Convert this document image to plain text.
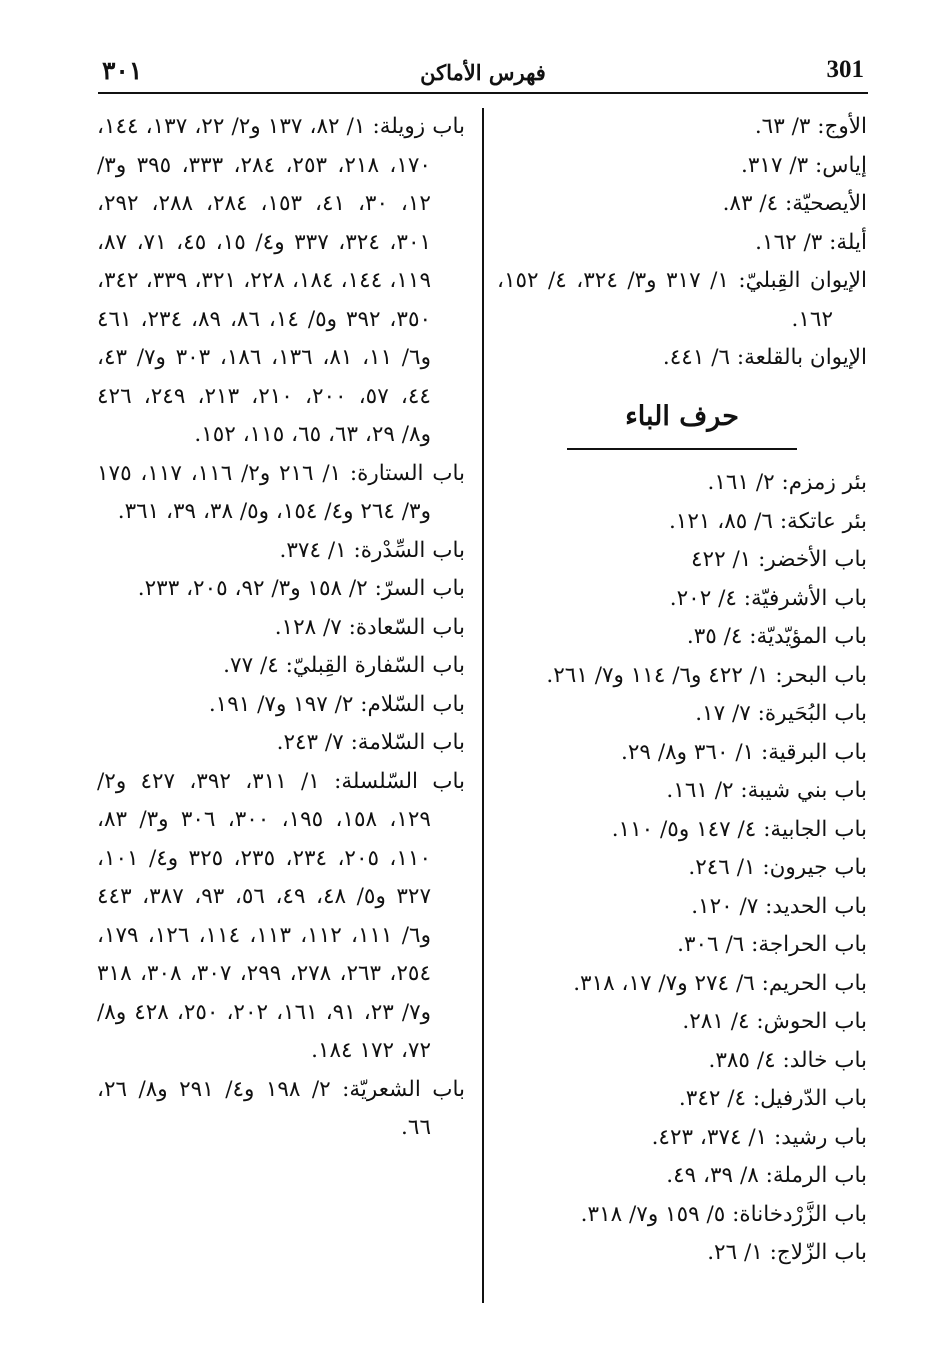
٣٠١	فهرس الأماكن	301
الأوج: ٣/ ٦٣.
إياس: ٣/ ٣١٧.
الأيصحيّة: ٤/ ٨٣.
أيلة: ٣/ ١٦٢.
الإيوان القِبليّ: ١/ ٣١٧ و٣/ ٣٢٤، ٤/ ١٥٢، ١٦٢.
الإيوان بالقلعة: ٦/ ٤٤١.
حرف الباء
بئر زمزم: ٢/ ١٦١.
بئر عاتكة: ٦/ ٨٥، ١٢١.
باب الأخضر: ١/ ٤٢٢
باب الأشرفيّة: ٤/ ٢٠٢.
باب المؤيّديّة: ٤/ ٣٥.
باب البحر: ١/ ٤٢٢ و٦/ ١١٤ و٧/ ٢٦١.
باب البُحَيرة: ٧/ ١٧.
باب البرقية: ١/ ٣٦٠ و٨/ ٢٩.
باب بني شيبة: ٢/ ١٦١.
باب الجابية: ٤/ ١٤٧ و٥/ ١١٠.
باب جيرون: ١/ ٢٤٦.
باب الحديد: ٧/ ١٢٠.
باب الحراجة: ٦/ ٣٠٦.
باب الحريم: ٦/ ٢٧٤ و٧/ ١٧، ٣١٨.
باب الحوش: ٤/ ٢٨١.
باب خالد: ٤/ ٣٨٥.
باب الدّرفيل: ٤/ ٣٤٢.
باب رشيد: ١/ ٣٧٤، ٤٢٣.
باب الرملة: ٨/ ٣٩، ٤٩.
باب الزَّرْدخاناة: ٥/ ١٥٩ و٧/ ٣١٨.
باب الزّلاج: ١/ ٢٦.
باب زويلة: ١/ ٨٢، ١٣٧ و٢/ ٢٢، ١٣٧، ١٤٤، ١٧٠، ٢١٨، ٢٥٣، ٢٨٤، ٣٣٣، ٣٩٥ و٣/ ١٢، ٣٠، ٤١، ١٥٣، ٢٨٤، ٢٨٨، ٢٩٢، ٣٠١، ٣٢٤، ٣٣٧ و٤/ ١٥، ٤٥، ٧١، ٨٧، ١١٩، ١٤٤، ١٨٤، ٢٢٨، ٣٢١، ٣٣٩، ٣٤٢، ٣٥٠، ٣٩٢ و٥/ ١٤، ٨٦، ٨٩، ٢٣٤، ٤٦١ و٦/ ١١، ٨١، ١٣٦، ١٨٦، ٣٠٣ و٧/ ٤٣، ٤٤، ٥٧، ٢٠٠، ٢١٠، ٢١٣، ٢٤٩، ٤٢٦ و٨/ ٢٩، ٦٣، ٦٥، ١١٥، ١٥٢.
باب الستارة: ١/ ٢١٦ و٢/ ١١٦، ١١٧، ١٧٥ و٣/ ٢٦٤ و٤/ ١٥٤، و٥/ ٣٨، ٣٩، ٣٦١.
باب السِّدْرة: ١/ ٣٧٤.
باب السرّ: ٢/ ١٥٨ و٣/ ٩٢، ٢٠٥، ٢٣٣.
باب السّعادة: ٧/ ١٢٨.
باب السّفارة القِبليّ: ٤/ ٧٧.
باب السّلام: ٢/ ١٩٧ و٧/ ١٩١.
باب السّلامة: ٧/ ٢٤٣.
باب السّلسلة: ١/ ٣١١، ٣٩٢، ٤٢٧ و٢/ ١٢٩، ١٥٨، ١٩٥، ٣٠٠، ٣٠٦ و٣/ ٨٣، ١١٠، ٢٠٥، ٢٣٤، ٢٣٥، ٣٢٥ و٤/ ١٠١، ٣٢٧ و٥/ ٤٨، ٤٩، ٥٦، ٩٣، ٣٨٧، ٤٤٣ و٦/ ١١١، ١١٢، ١١٣، ١١٤، ١٢٦، ١٧٩، ٢٥٤، ٢٦٣، ٢٧٨، ٢٩٩، ٣٠٧، ٣٠٨، ٣١٨ و٧/ ٢٣، ٩١، ١٦١، ٢٠٢، ٢٥٠، ٤٢٨ و٨/ ٧٢، ١٧٢ ١٨٤.
باب الشعريّة: ٢/ ١٩٨ و٤/ ٢٩١ و٨/ ٢٦، ٦٦.
